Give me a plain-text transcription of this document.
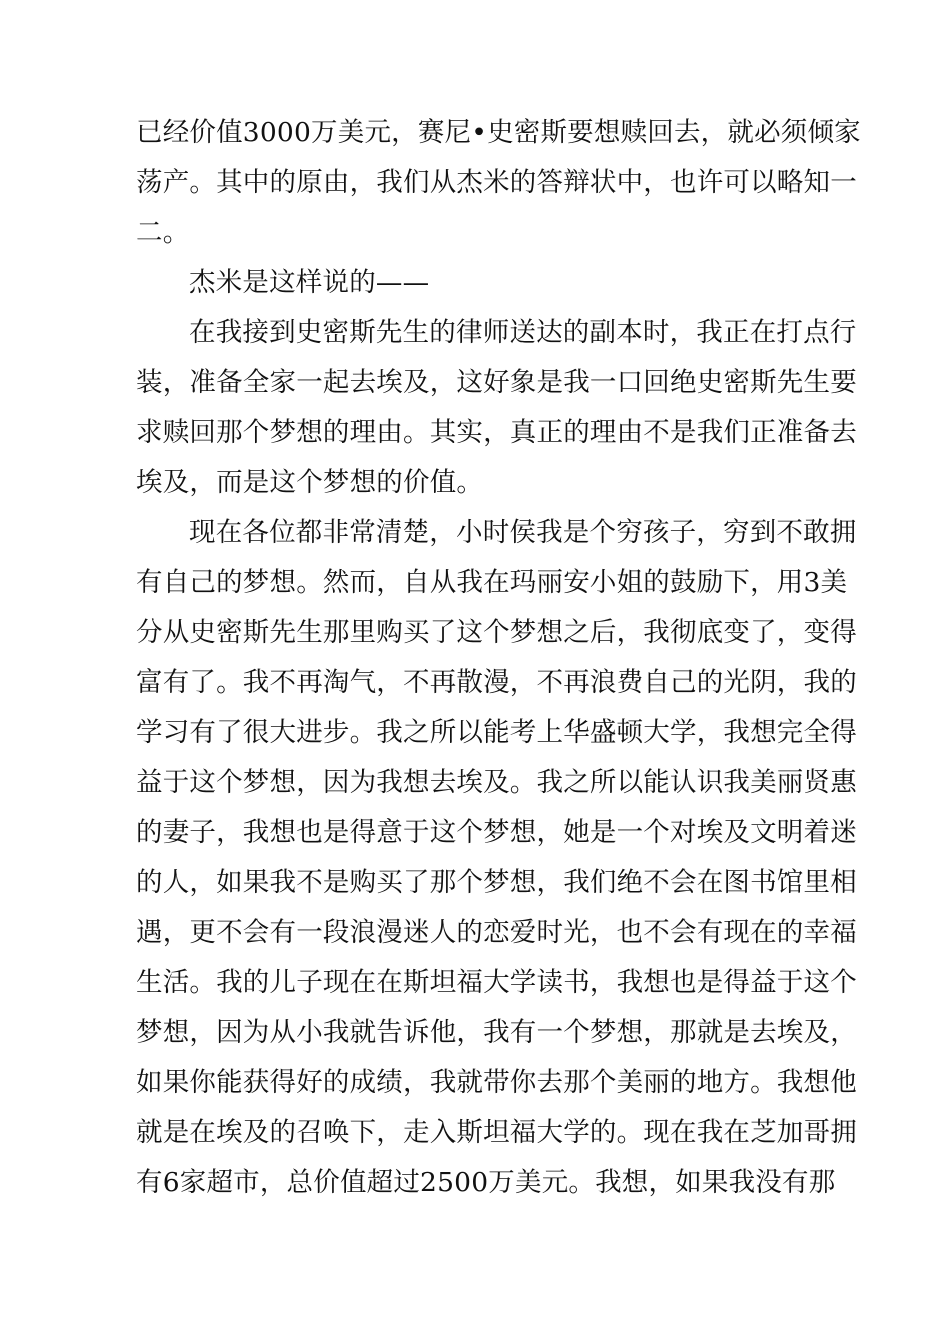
已经价值3000万美元，赛尼•史密斯要想赎回去，就必须倾家
荡产。其中的原由，我们从杰米的答辩状中，也许可以略知一
二。
杰米是这样说的——
在我接到史密斯先生的律师送达的副本时，我正在打点行
装，准备全家一起去埃及，这好象是我一口回绝史密斯先生要
求赎回那个梦想的理由。其实，真正的理由不是我们正准备去
埃及，而是这个梦想的价值。
现在各位都非常清楚，小时侯我是个穷孩子，穷到不敢拥
有自己的梦想。然而，自从我在玛丽安小姐的鼓励下，用3美
分从史密斯先生那里购买了这个梦想之后，我彻底变了，变得
富有了。我不再淘气，不再散漫，不再浪费自己的光阴，我的
学习有了很大进步。我之所以能考上华盛顿大学，我想完全得
益于这个梦想，因为我想去埃及。我之所以能认识我美丽贤惠
的妻子，我想也是得意于这个梦想，她是一个对埃及文明着迷
的人，如果我不是购买了那个梦想，我们绝不会在图书馆里相
遇，更不会有一段浪漫迷人的恋爱时光，也不会有现在的幸福
生活。我的儿子现在在斯坦福大学读书，我想也是得益于这个
梦想，因为从小我就告诉他，我有一个梦想，那就是去埃及，
如果你能获得好的成绩，我就带你去那个美丽的地方。我想他
就是在埃及的召唤下，走入斯坦福大学的。现在我在芝加哥拥
有6家超市，总价值超过2500万美元。我想，如果我没有那
